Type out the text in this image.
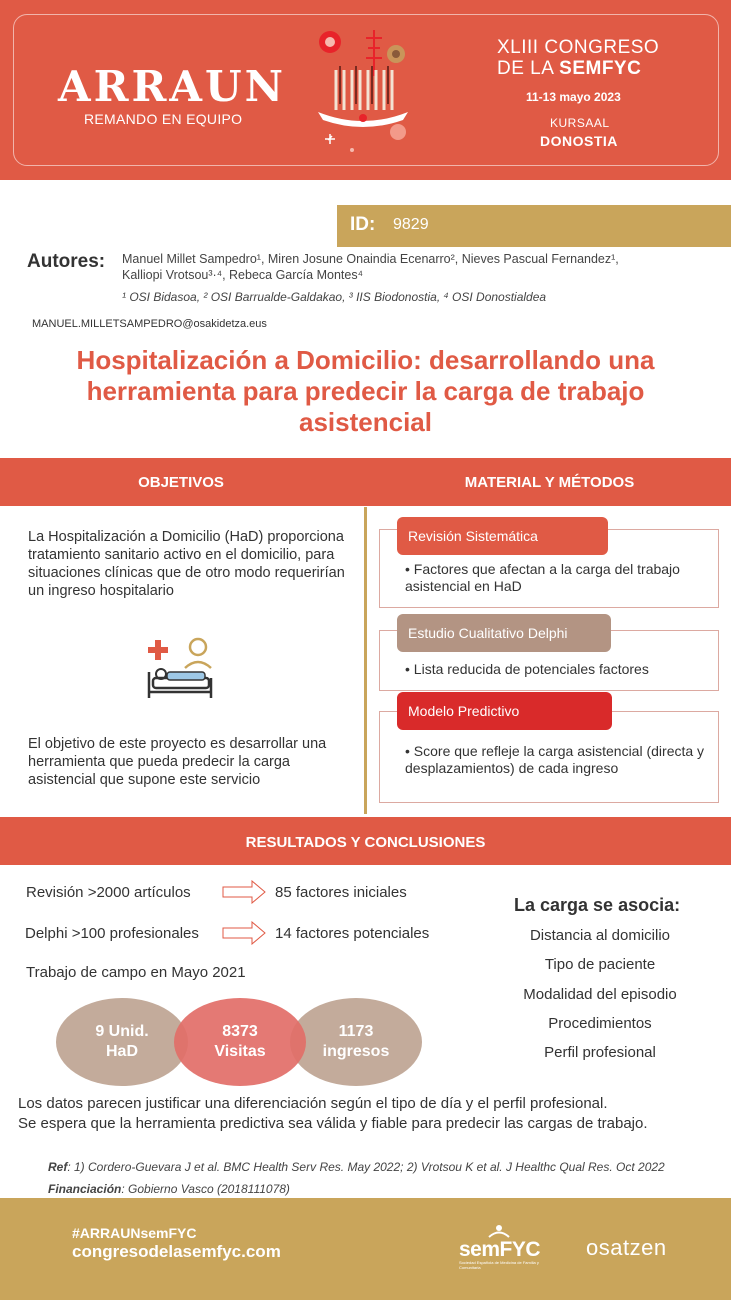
ARRAUN
REMANDO EN EQUIPO
XLIII CONGRESO
DE LA SEMFYC
11-13 mayo 2023
KURSAAL
DONOSTIA
ID: 9829
Autores: Manuel Millet Sampedro¹, Miren Josune Onaindia Ecenarro², Nieves Pascual Fernandez¹,
Kalliopi Vrotsou³·⁴, Rebeca García Montes⁴
¹ OSI Bidasoa, ² OSI Barrualde-Galdakao, ³ IIS Biodonostia, ⁴ OSI Donostialdea
MANUEL.MILLETSAMPEDRO@osakidetza.eus
Hospitalización a Domicilio: desarrollando una
herramienta para predecir la carga de trabajo
asistencial
OBJETIVOS	MATERIAL Y MÉTODOS
La Hospitalización a Domicilio (HaD) proporciona tratamiento sanitario activo en el domicilio, para situaciones clínicas que de otro modo requerirían un ingreso hospitalario
El objetivo de este proyecto es desarrollar una herramienta que pueda predecir la carga asistencial que supone este servicio
Revisión Sistemática
• Factores que afectan a la carga del trabajo asistencial en HaD
Estudio Cualitativo Delphi
• Lista reducida de potenciales factores
Modelo Predictivo
• Score que refleje la carga asistencial (directa y desplazamientos) de cada ingreso
RESULTADOS Y CONCLUSIONES
Revisión >2000 artículos	85 factores iniciales
Delphi >100 profesionales	14 factores potenciales
Trabajo de campo en Mayo 2021
9 Unid.
HaD
1173
ingresos
8373
Visitas
La carga se asocia:
Distancia al domicilio
Tipo de paciente
Modalidad del episodio
Procedimientos
Perfil profesional
Los datos parecen justificar una diferenciación según el tipo de día y el perfil profesional.
Se espera que la herramienta predictiva sea válida y fiable para predecir las cargas de trabajo.
Ref: 1) Cordero-Guevara J et al. BMC Health Serv Res. May 2022; 2) Vrotsou K et al. J Healthc Qual Res. Oct 2022
Financiación: Gobierno Vasco (2018111078)
#ARRAUNsemFYC
congresodelasemfyc.com	semFYC
Sociedad Española de Medicina de Familia y Comunitaria
osatzen
